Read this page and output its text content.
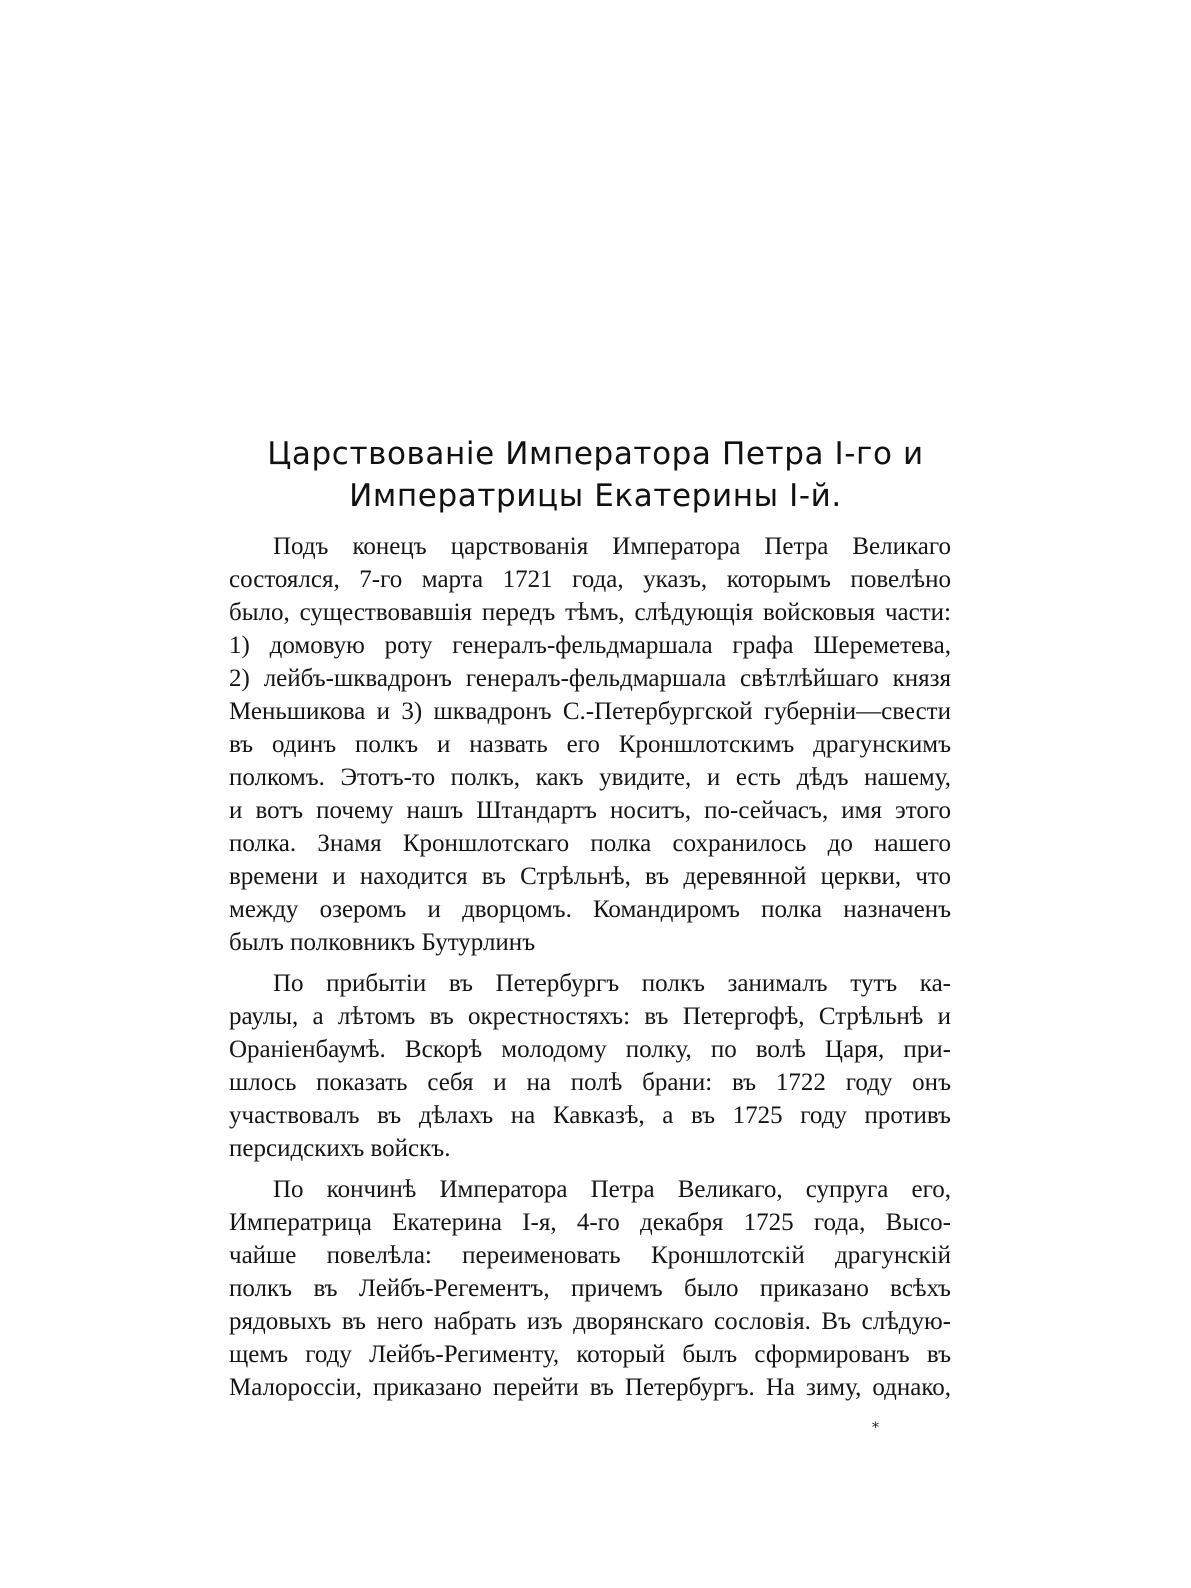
Царствованіе Императора Петра I-го и
Императрицы Екатерины I-й.
Подъ конецъ царствованія Императора Петра Великаго
состоялся, 7-го марта 1721 года, указъ, которымъ повелѣно
было, существовавшія передъ тѣмъ, слѣдующія войсковыя части:
1) домовую роту генералъ-фельдмаршала графа Шереметева,
2) лейбъ-шквадронъ генералъ-фельдмаршала свѣтлѣйшаго князя
Меньшикова и 3) шквадронъ С.-Петербургской губерніи—свести
въ одинъ полкъ и назвать его Кроншлотскимъ драгунскимъ
полкомъ. Этотъ-то полкъ, какъ увидите, и есть дѣдъ нашему,
и вотъ почему нашъ Штандартъ носитъ, по-сейчасъ, имя этого
полка. Знамя Кроншлотскаго полка сохранилось до нашего
времени и находится въ Стрѣльнѣ, въ деревянной церкви, что
между озеромъ и дворцомъ. Командиромъ полка назначенъ
былъ полковникъ Бутурлинъ
По прибытіи въ Петербургъ полкъ занималъ тутъ ка-
раулы, а лѣтомъ въ окрестностяхъ: въ Петергофѣ, Стрѣльнѣ и
Ораніенбаумѣ. Вскорѣ молодому полку, по волѣ Царя, при-
шлось показать себя и на полѣ брани: въ 1722 году онъ
участвовалъ въ дѣлахъ на Кавказѣ, а въ 1725 году противъ
персидскихъ войскъ.
По кончинѣ Императора Петра Великаго, супруга его,
Императрица Екатерина I-я, 4-го декабря 1725 года, Высо-
чайше повелѣла: переименовать Кроншлотскій драгунскій
полкъ въ Лейбъ-Регементъ, причемъ было приказано всѣхъ
рядовыхъ въ него набрать изъ дворянскаго сословія. Въ слѣдую-
щемъ году Лейбъ-Регименту, который былъ сформированъ въ
Малороссіи, приказано перейти въ Петербургъ. На зиму, однако,
*
